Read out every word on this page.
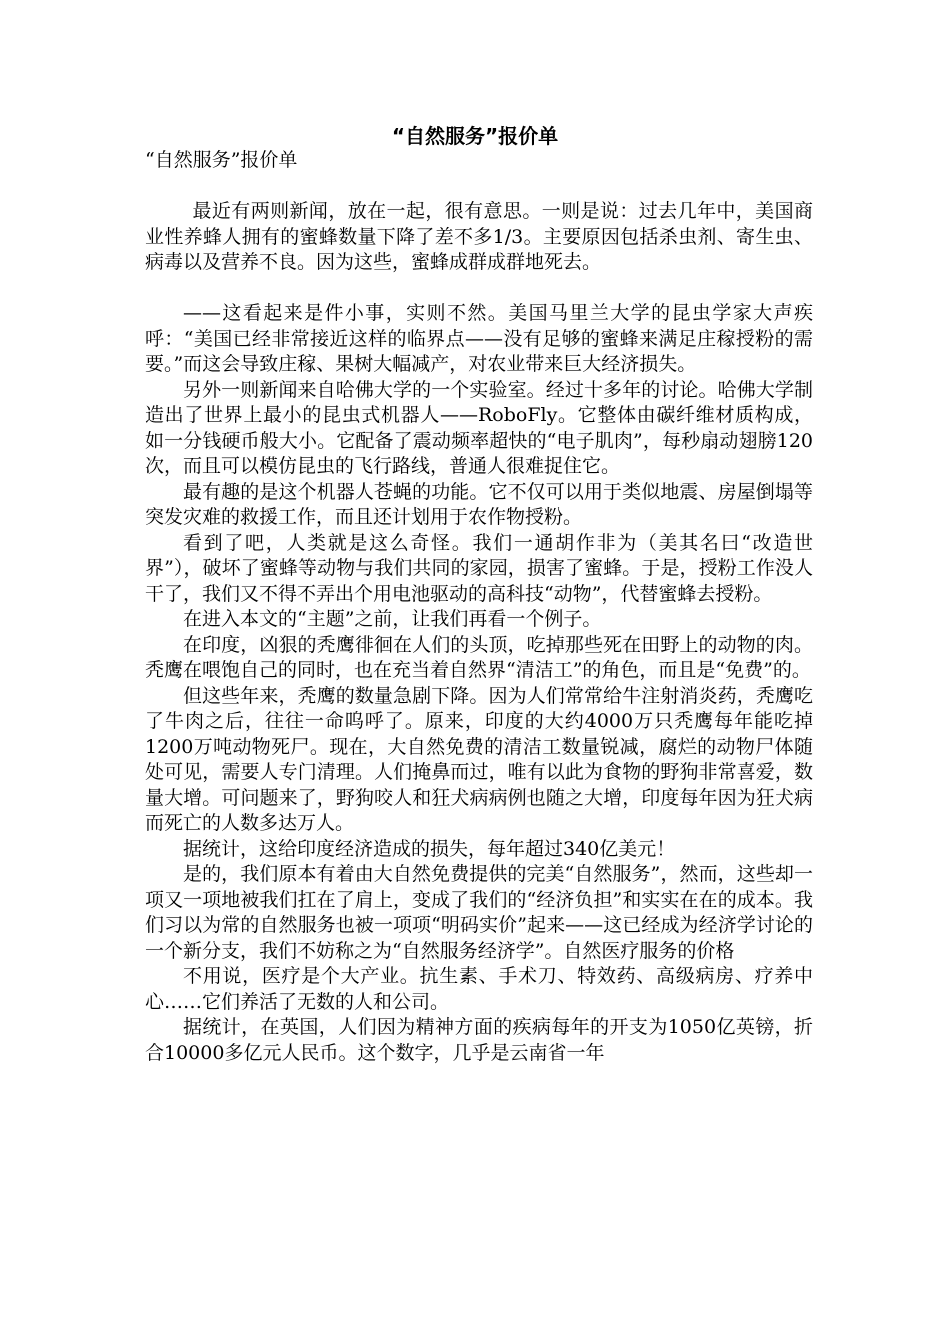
“自然服务”报价单

“自然服务”报价单

最近有两则新闻，放在一起，很有意思。一则是说：过去几年中，美国商业性养蜂人拥有的蜜蜂数量下降了差不多1/3。主要原因包括杀虫剂、寄生虫、病毒以及营养不良。因为这些，蜜蜂成群成群地死去。

——这看起来是件小事，实则不然。美国马里兰大学的昆虫学家大声疾呼：“美国已经非常接近这样的临界点——没有足够的蜜蜂来满足庄稼授粉的需要。”而这会导致庄稼、果树大幅减产，对农业带来巨大经济损失。

另外一则新闻来自哈佛大学的一个实验室。经过十多年的讨论。哈佛大学制造出了世界上最小的昆虫式机器人——RoboFly。它整体由碳纤维材质构成，如一分钱硬币般大小。它配备了震动频率超快的“电子肌肉”，每秒扇动翅膀120次，而且可以模仿昆虫的飞行路线，普通人很难捉住它。

最有趣的是这个机器人苍蝇的功能。它不仅可以用于类似地震、房屋倒塌等突发灾难的救援工作，而且还计划用于农作物授粉。

看到了吧，人类就是这么奇怪。我们一通胡作非为（美其名曰“改造世界”），破坏了蜜蜂等动物与我们共同的家园，损害了蜜蜂。于是，授粉工作没人干了，我们又不得不弄出个用电池驱动的高科技“动物”，代替蜜蜂去授粉。

在进入本文的“主题”之前，让我们再看一个例子。

在印度，凶狠的秃鹰徘徊在人们的头顶，吃掉那些死在田野上的动物的肉。秃鹰在喂饱自己的同时，也在充当着自然界“清洁工”的角色，而且是“免费”的。

但这些年来，秃鹰的数量急剧下降。因为人们常常给牛注射消炎药，秃鹰吃了牛肉之后，往往一命呜呼了。原来，印度的大约4000万只秃鹰每年能吃掉1200万吨动物死尸。现在，大自然免费的清洁工数量锐减，腐烂的动物尸体随处可见，需要人专门清理。人们掩鼻而过，唯有以此为食物的野狗非常喜爱，数量大增。可问题来了，野狗咬人和狂犬病病例也随之大增，印度每年因为狂犬病而死亡的人数多达万人。

据统计，这给印度经济造成的损失，每年超过340亿美元！

是的，我们原本有着由大自然免费提供的完美“自然服务”，然而，这些却一项又一项地被我们扛在了肩上，变成了我们的“经济负担”和实实在在的成本。我们习以为常的自然服务也被一项项“明码实价”起来——这已经成为经济学讨论的一个新分支，我们不妨称之为“自然服务经济学”。自然医疗服务的价格

不用说，医疗是个大产业。抗生素、手术刀、特效药、高级病房、疗养中心……它们养活了无数的人和公司。

据统计，在英国，人们因为精神方面的疾病每年的开支为1050亿英镑，折合10000多亿元人民币。这个数字，几乎是云南省一年
